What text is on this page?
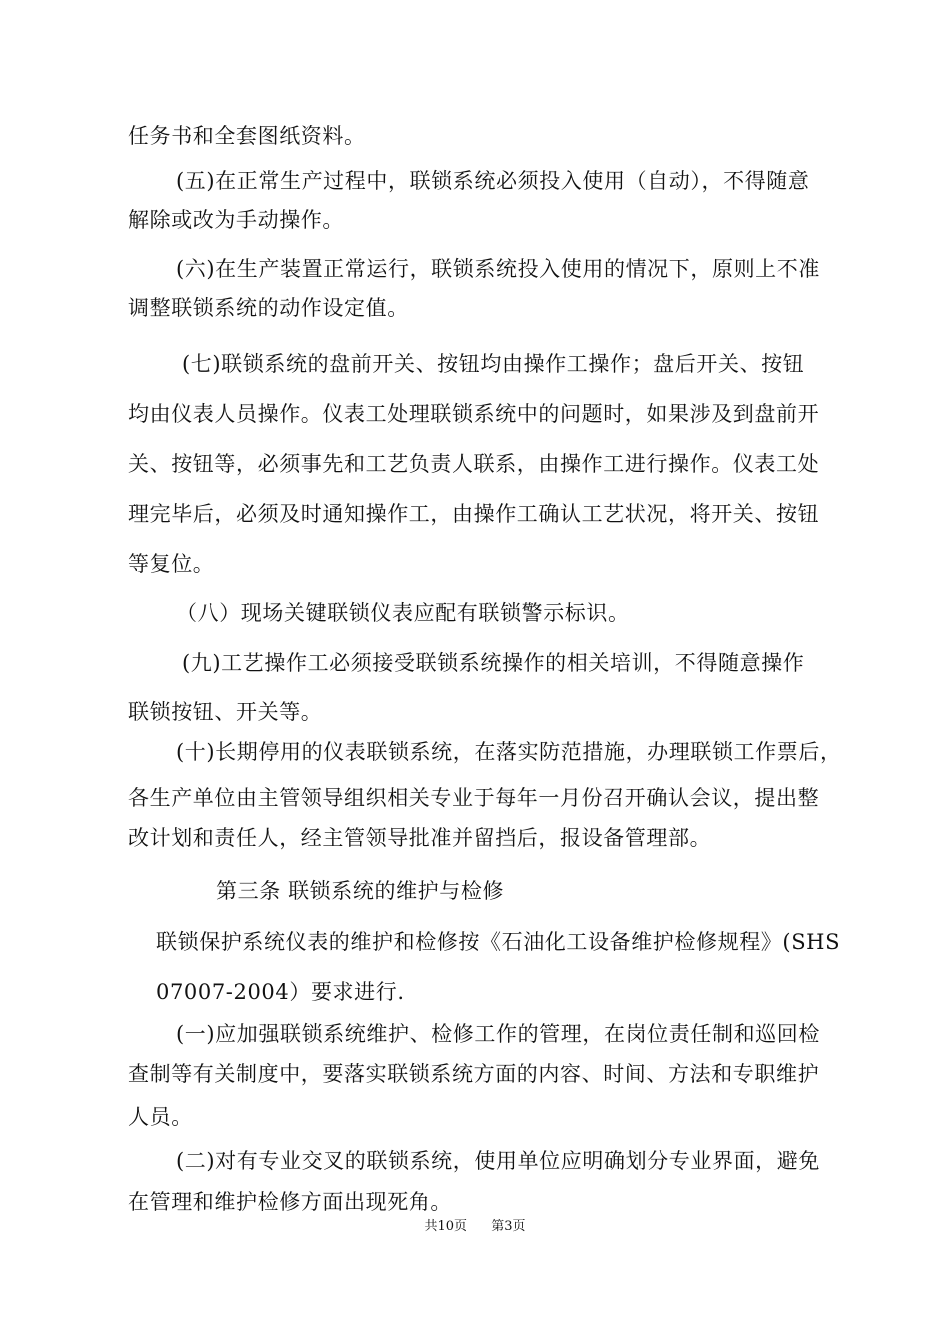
任务书和全套图纸资料。
(五)在正常生产过程中，联锁系统必须投入使用（自动），不得随意
解除或改为手动操作。
(六)在生产装置正常运行，联锁系统投入使用的情况下，原则上不准
调整联锁系统的动作设定值。
(七)联锁系统的盘前开关、按钮均由操作工操作；盘后开关、按钮
均由仪表人员操作。仪表工处理联锁系统中的问题时，如果涉及到盘前开
关、按钮等，必须事先和工艺负责人联系，由操作工进行操作。仪表工处
理完毕后，必须及时通知操作工，由操作工确认工艺状况，将开关、按钮
等复位。
（八）现场关键联锁仪表应配有联锁警示标识。
(九)工艺操作工必须接受联锁系统操作的相关培训，不得随意操作
联锁按钮、开关等。
(十)长期停用的仪表联锁系统，在落实防范措施，办理联锁工作票后，
各生产单位由主管领导组织相关专业于每年一月份召开确认会议，提出整
改计划和责任人，经主管领导批准并留挡后，报设备管理部。
第三条 联锁系统的维护与检修
联锁保护系统仪表的维护和检修按《石油化工设备维护检修规程》(SHS
07007-2004）要求进行.
(一)应加强联锁系统维护、检修工作的管理，在岗位责任制和巡回检
查制等有关制度中，要落实联锁系统方面的内容、时间、方法和专职维护
人员。
(二)对有专业交叉的联锁系统，使用单位应明确划分专业界面，避免
在管理和维护检修方面出现死角。
共10页 第3页
